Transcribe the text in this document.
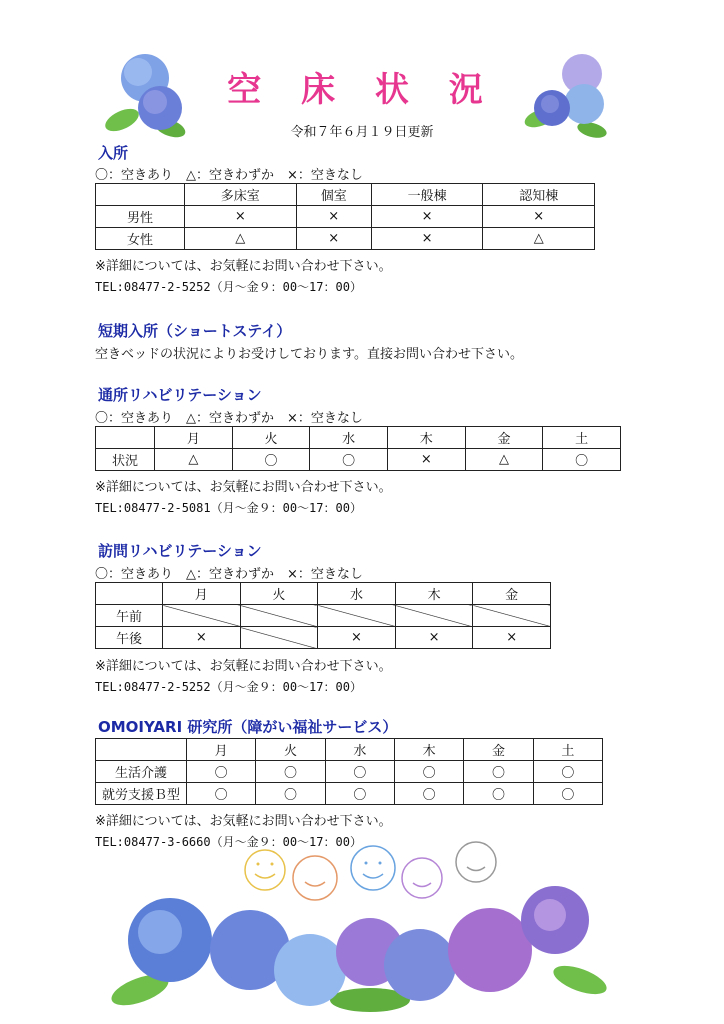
空 床 状 況
令和７年６月１９日更新
入所
〇：空きあり　△：空きわずか　×：空きなし
	多床室	個室	一般棟	認知棟
男性	×	×	×	×
女性	△	×	×	△
※詳細については、お気軽にお問い合わせ下さい。
TEL:08477-2-5252（月～金９：00～17：00）
短期入所（ショートステイ）
空きベッドの状況によりお受けしております。直接お問い合わせ下さい。
通所リハビリテーション
〇：空きあり　△：空きわずか　×：空きなし
	月	火	水	木	金	土
状況	△	〇	〇	×	△	〇
※詳細については、お気軽にお問い合わせ下さい。
TEL:08477-2-5081（月～金９：00～17：00）
訪問リハビリテーション
〇：空きあり　△：空きわずか　×：空きなし
	月	火	水	木	金
午前					
午後	×		×	×	×
※詳細については、お気軽にお問い合わせ下さい。
TEL:08477-2-5252（月～金９：00～17：00）
OMOIYARI 研究所（障がい福祉サービス）
	月	火	水	木	金	土
生活介護	〇	〇	〇	〇	〇	〇
就労支援Ｂ型	〇	〇	〇	〇	〇	〇
※詳細については、お気軽にお問い合わせ下さい。
TEL:08477-3-6660（月～金９：00～17：00）
